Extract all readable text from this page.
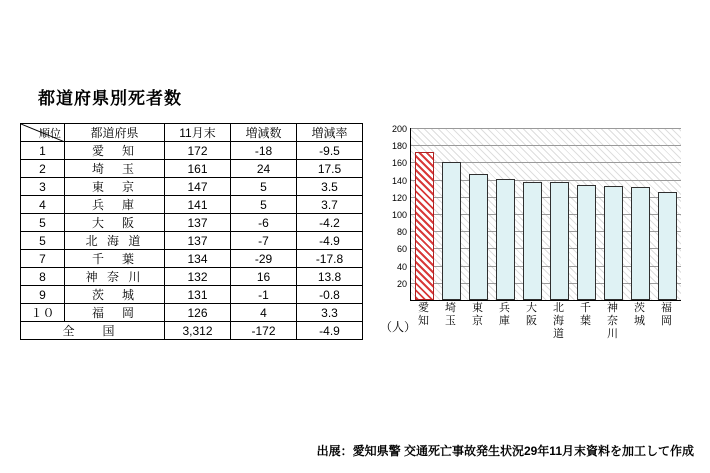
都道府県別死者数
順位	都道府県	11月末	増減数	増減率
1	愛　知	172	-18	-9.5
2	埼　玉	161	24	17.5
3	東　京	147	5	3.5
4	兵　庫	141	5	3.7
5	大　阪	137	-6	-4.2
5	北 海 道	137	-7	-4.9
7	千　葉	134	-29	-17.8
8	神 奈 川	132	16	13.8
9	茨　城	131	-1	-0.8
１０	福　岡	126	4	3.3
全　国		3,312	-172	-4.9
20
40
60
80
100
120
140
160
180
200
愛
知
埼
玉
東
京
兵
庫
大
阪
北
海
道
千
葉
神
奈
川
茨
城
福
岡
（人）
出展：愛知県警 交通死亡事故発生状況29年11月末資料を加工して作成
